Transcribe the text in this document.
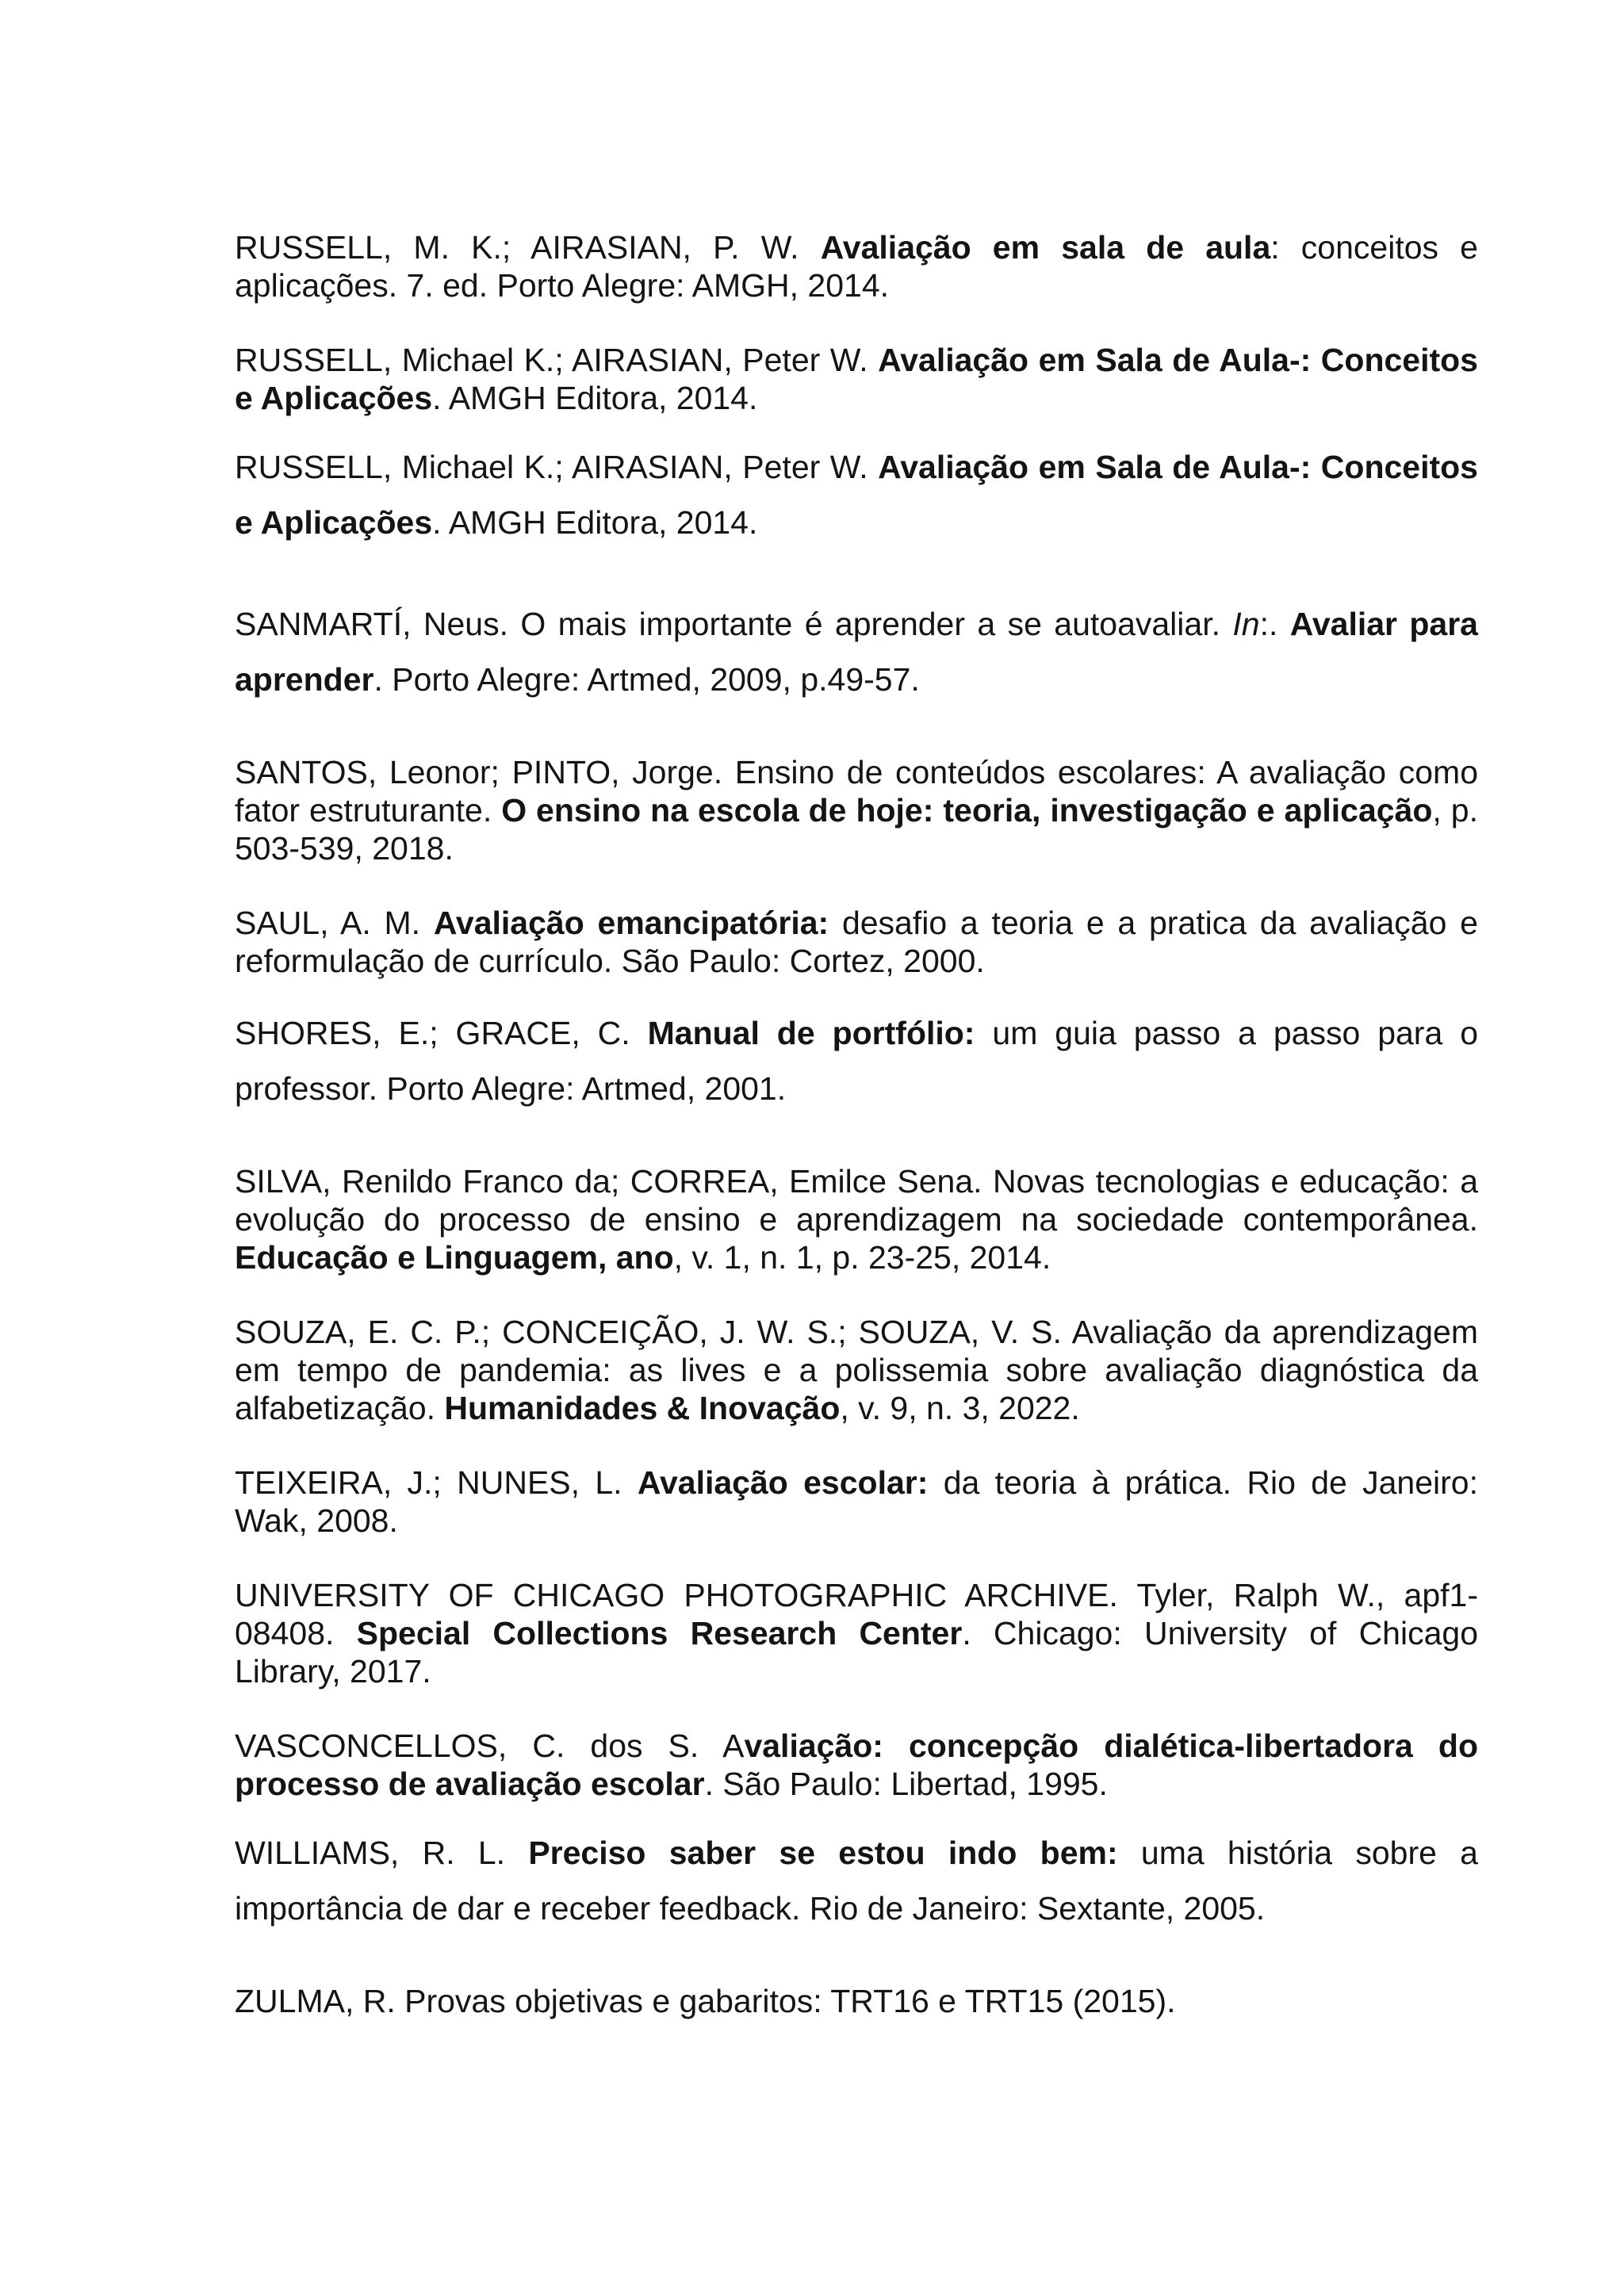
RUSSELL, M. K.; AIRASIAN, P. W. Avaliação em sala de aula: conceitos e aplicações. 7. ed. Porto Alegre: AMGH, 2014.

RUSSELL, Michael K.; AIRASIAN, Peter W. Avaliação em Sala de Aula-: Conceitos e Aplicações. AMGH Editora, 2014.

RUSSELL, Michael K.; AIRASIAN, Peter W. Avaliação em Sala de Aula-: Conceitos e Aplicações. AMGH Editora, 2014.

SANMARTÍ, Neus. O mais importante é aprender a se autoavaliar. In:. Avaliar para aprender. Porto Alegre: Artmed, 2009, p.49-57.

SANTOS, Leonor; PINTO, Jorge. Ensino de conteúdos escolares: A avaliação como fator estruturante. O ensino na escola de hoje: teoria, investigação e aplicação, p. 503-539, 2018.

SAUL, A. M. Avaliação emancipatória: desafio a teoria e a pratica da avaliação e reformulação de currículo. São Paulo: Cortez, 2000.

SHORES, E.; GRACE, C. Manual de portfólio: um guia passo a passo para o professor. Porto Alegre: Artmed, 2001.

SILVA, Renildo Franco da; CORREA, Emilce Sena. Novas tecnologias e educação: a evolução do processo de ensino e aprendizagem na sociedade contemporânea. Educação e Linguagem, ano, v. 1, n. 1, p. 23-25, 2014.

SOUZA, E. C. P.; CONCEIÇÃO, J. W. S.; SOUZA, V. S. Avaliação da aprendizagem em tempo de pandemia: as lives e a polissemia sobre avaliação diagnóstica da alfabetização. Humanidades & Inovação, v. 9, n. 3, 2022.

TEIXEIRA, J.; NUNES, L. Avaliação escolar: da teoria à prática. Rio de Janeiro: Wak, 2008.

UNIVERSITY OF CHICAGO PHOTOGRAPHIC ARCHIVE. Tyler, Ralph W., apf1-08408. Special Collections Research Center. Chicago: University of Chicago Library, 2017.

VASCONCELLOS, C. dos S. Avaliação: concepção dialética-libertadora do processo de avaliação escolar. São Paulo: Libertad, 1995.

WILLIAMS, R. L. Preciso saber se estou indo bem: uma história sobre a importância de dar e receber feedback. Rio de Janeiro: Sextante, 2005.

ZULMA, R. Provas objetivas e gabaritos: TRT16 e TRT15 (2015).
